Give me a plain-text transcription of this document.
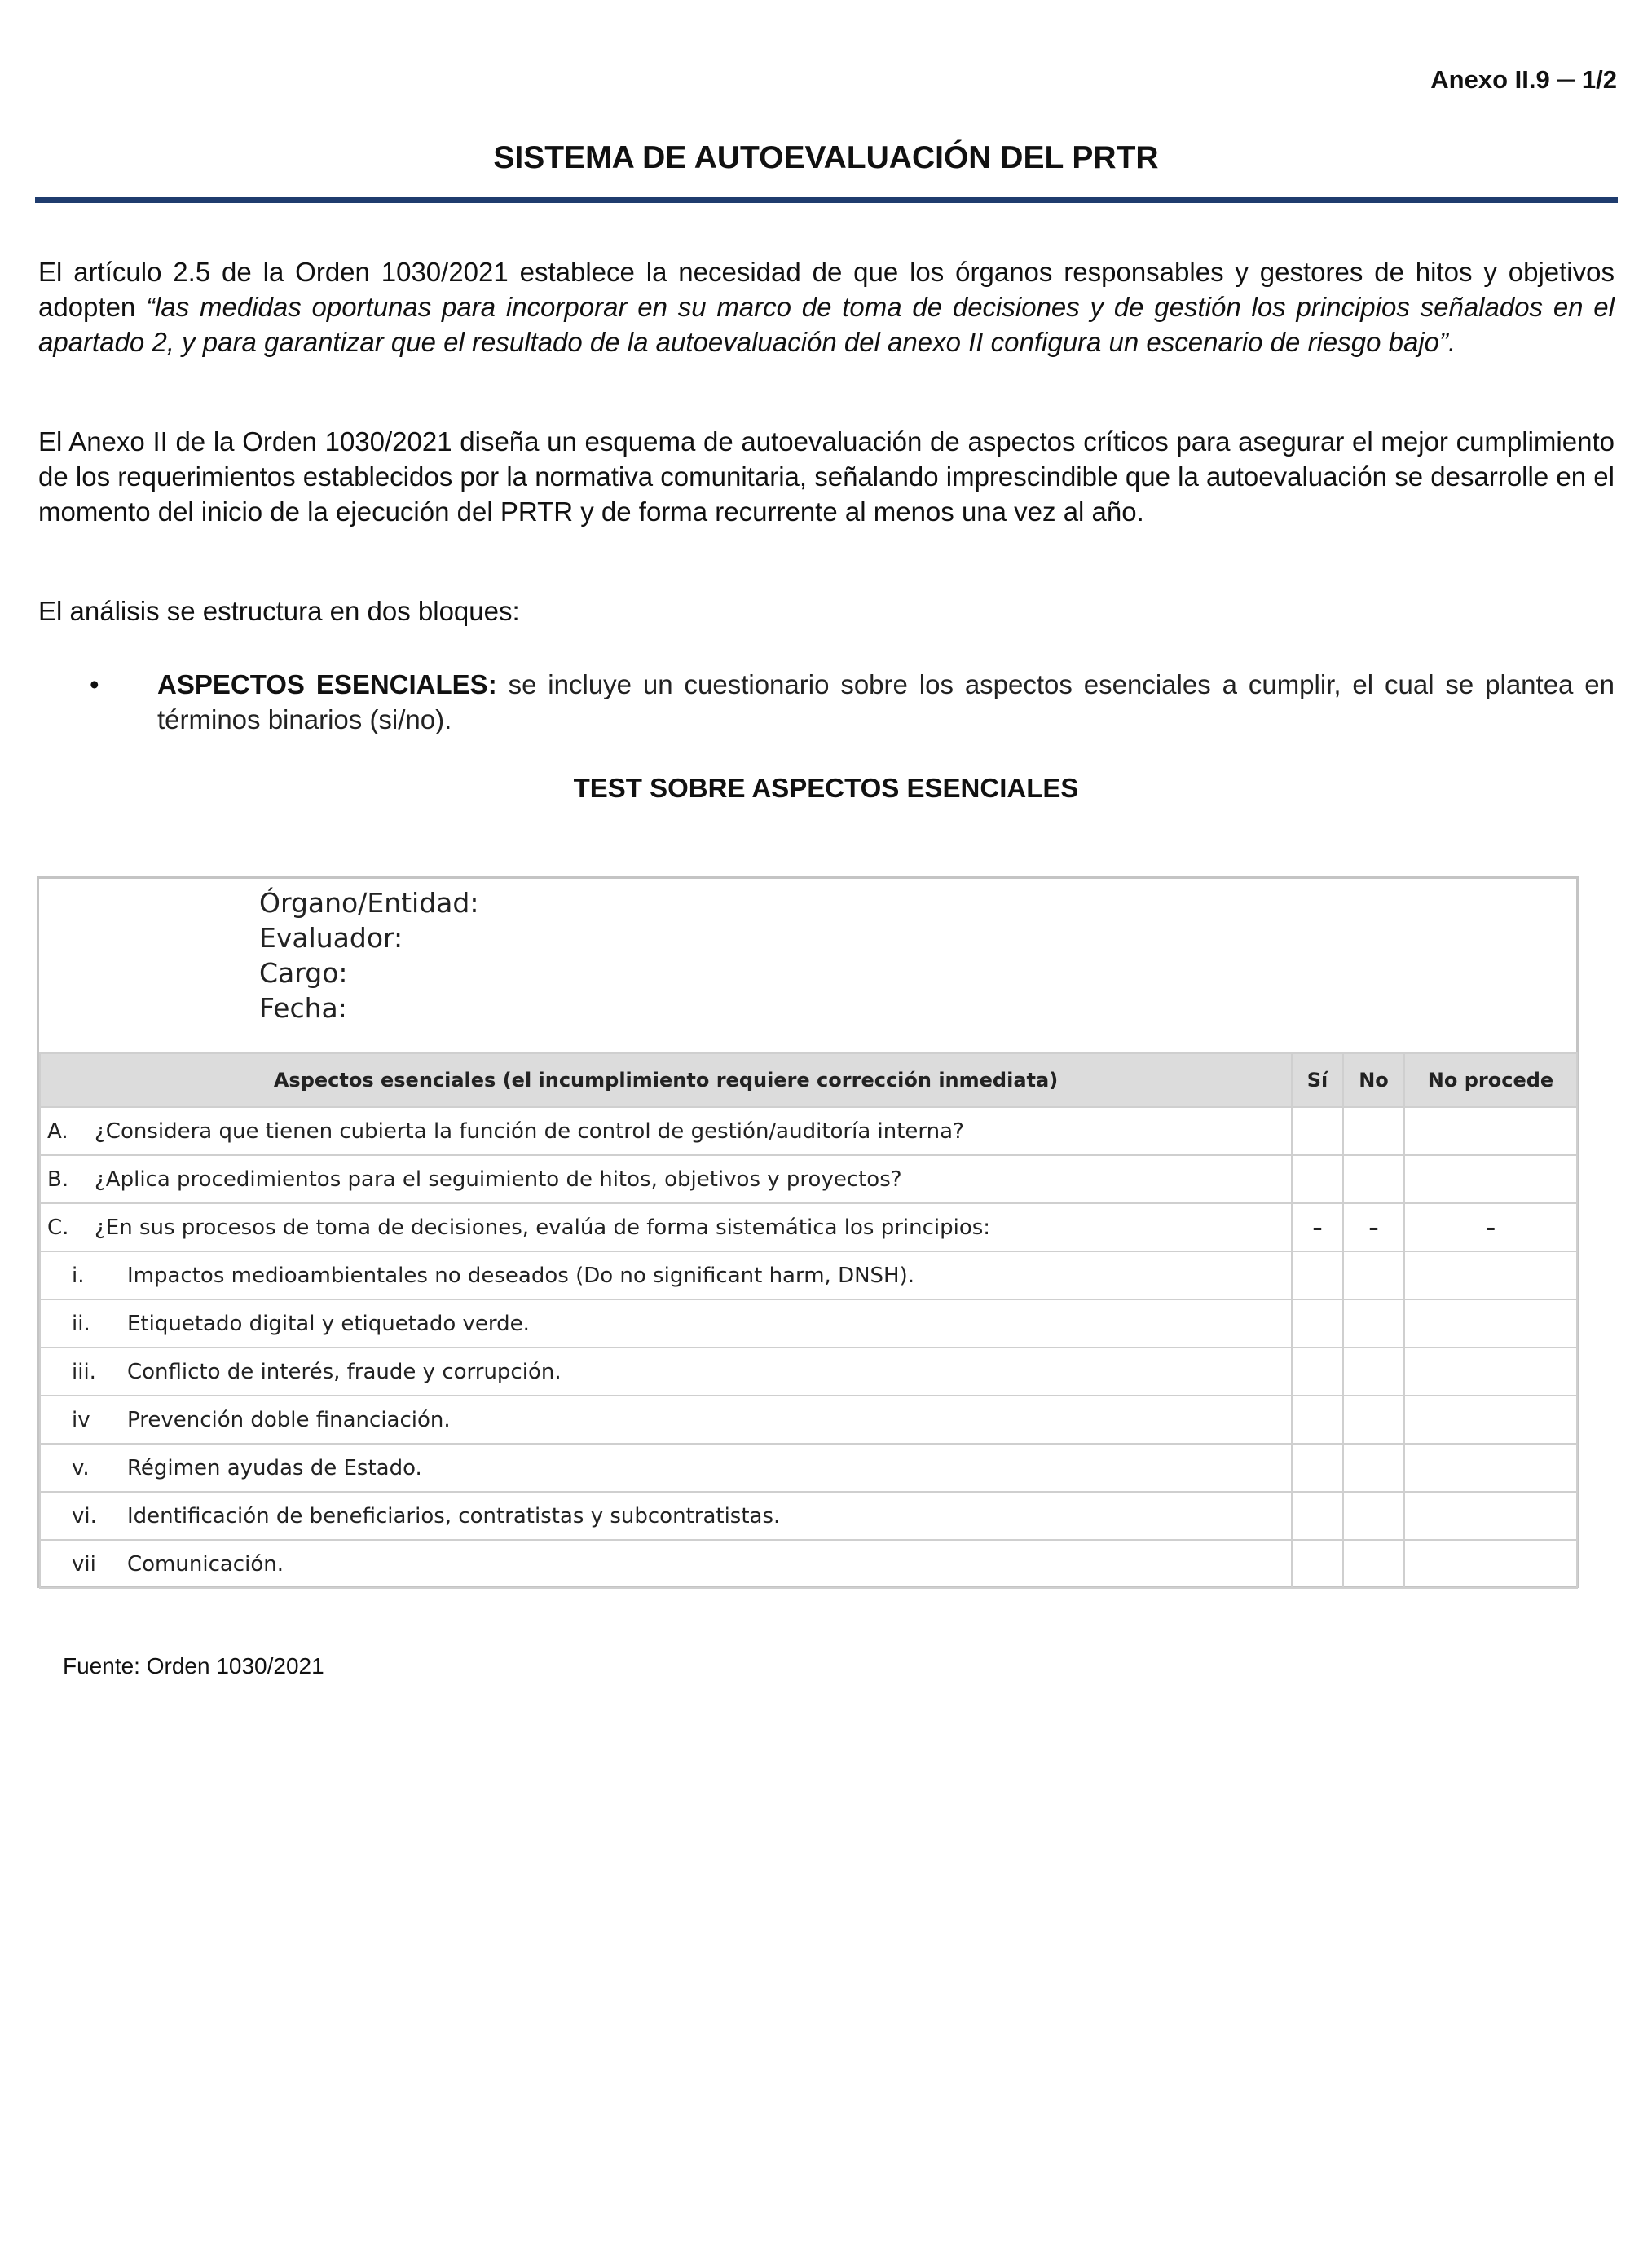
Anexo II.9 ─ 1/2
SISTEMA DE AUTOEVALUACIÓN DEL PRTR

El artículo 2.5 de la Orden 1030/2021 establece la necesidad de que los órganos responsables y gestores de hitos y objetivos adopten “las medidas oportunas para incorporar en su marco de toma de decisiones y de gestión los principios señalados en el apartado 2, y para garantizar que el resultado de la autoevaluación del anexo II configura un escenario de riesgo bajo”.

El Anexo II de la Orden 1030/2021 diseña un esquema de autoevaluación de aspectos críticos para asegurar el mejor cumplimiento de los requerimientos establecidos por la normativa comunitaria, señalando imprescindible que la autoevaluación se desarrolle en el momento del inicio de la ejecución del PRTR y de forma recurrente al menos una vez al año.

El análisis se estructura en dos bloques:

• ASPECTOS ESENCIALES: se incluye un cuestionario sobre los aspectos esenciales a cumplir, el cual se plantea en términos binarios (si/no).
TEST SOBRE ASPECTOS ESENCIALES
Órgano/Entidad:
Evaluador:
Cargo:
Fecha:
Aspectos esenciales (el incumplimiento requiere corrección inmediata)	Sí	No	No procede
A. ¿Considera que tienen cubierta la función de control de gestión/auditoría interna?			
B. ¿Aplica procedimientos para el seguimiento de hitos, objetivos y proyectos?			
C. ¿En sus procesos de toma de decisiones, evalúa de forma sistemática los principios:	–	–	–
i. Impactos medioambientales no deseados (Do no significant harm, DNSH).			
ii. Etiquetado digital y etiquetado verde.			
iii. Conflicto de interés, fraude y corrupción.			
iv Prevención doble financiación.			
v. Régimen ayudas de Estado.			
vi. Identificación de beneficiarios, contratistas y subcontratistas.			
vii Comunicación.			
Fuente: Orden 1030/2021
